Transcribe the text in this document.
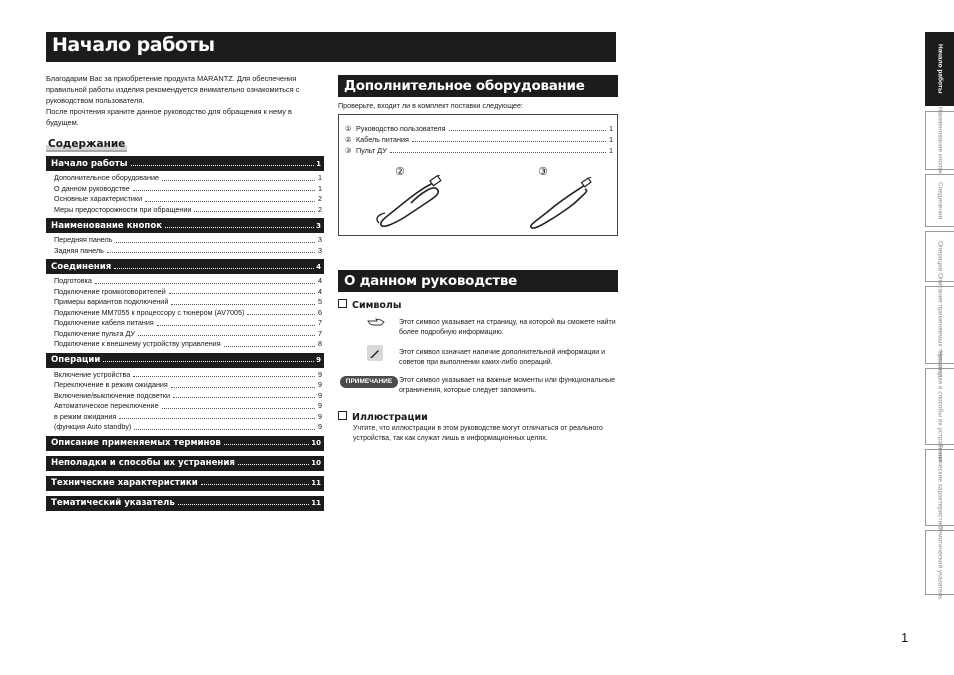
Начало работы

Благодарим Вас за приобретение продукта MARANTZ. Для обеспечения правильной работы изделия рекомендуется внимательно ознакомиться с руководством пользователя.

После прочтения храните данное руководство для обращения к нему в будущем.

Содержание
Начало работы	1
Дополнительное оборудование	1
О данном руководстве	1
Основные характеристики	2
Меры предосторожности при обращении	2
Наименование кнопок	3
Передняя панель	3
Задняя панель	3
Соединения	4
Подготовка	4
Подключение громкоговорителей	4
Примеры вариантов подключений	5
Подключение MM7055 к процессору с тюнером (AV7005)	6
Подключение кабеля питания	7
Подключение пульта ДУ	7
Подключение к внешнему устройству управления	8
Операции	9
Включение устройства	9
Переключение в режим ожидания	9
Включение/выключение подсветки	9
Автоматическое переключение	9
в режим ожидания	9
(функция Auto standby)	9
Описание применяемых терминов	10
Неполадки и способы их устранения	10
Технические характеристики	11
Тематический указатель	11
Дополнительное оборудование
Проверьте, входит ли в комплект поставки следующее:
① Руководство пользователя	1
② Кабель питания	1
③ Пульт ДУ	1
②	③
О данном руководстве
Символы
Этот символ указывает на страницу, на которой вы сможете найти более подробную информацию.
Этот символ означает наличие дополнительной информации и советов при выполнении каких-либо операций.
ПРИМЕЧАНИЕ Этот символ указывает на важные моменты или функциональные ограничения, которые следует запомнить.
Иллюстрации
Учтите, что иллюстрации в этом руководстве могут отличаться от реального устройства, так как служат лишь в информационных целях.
Начало работы
Наименование кнопок
Соединения
Операции
Описание применяемых терминов
Неполадки и способы их устранения
Технические характеристики
Тематический указатель
1
